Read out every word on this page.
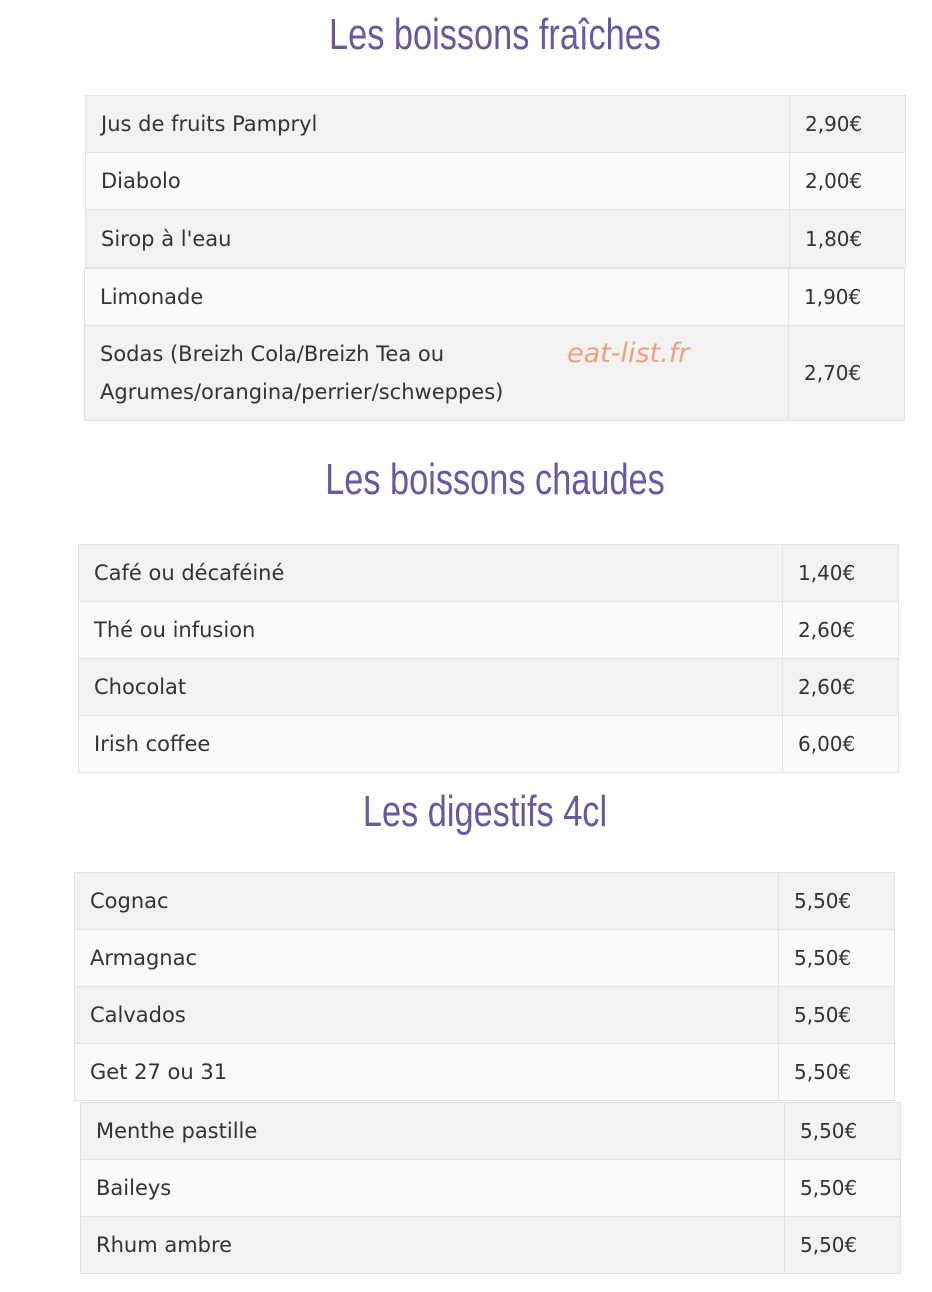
Les boissons fraîches
Jus de fruits Pampryl	2,90€
Diabolo	2,00€
Sirop à l'eau	1,80€
Limonade	1,90€
Sodas (Breizh Cola/Breizh Tea ou Agrumes/orangina/perrier/schweppes)	2,70€
eat-list.fr
Les boissons chaudes
Café ou décaféiné	1,40€
Thé ou infusion	2,60€
Chocolat	2,60€
Irish coffee	6,00€
Les digestifs 4cl
Cognac	5,50€
Armagnac	5,50€
Calvados	5,50€
Get 27 ou 31	5,50€
Menthe pastille	5,50€
Baileys	5,50€
Rhum ambre	5,50€
